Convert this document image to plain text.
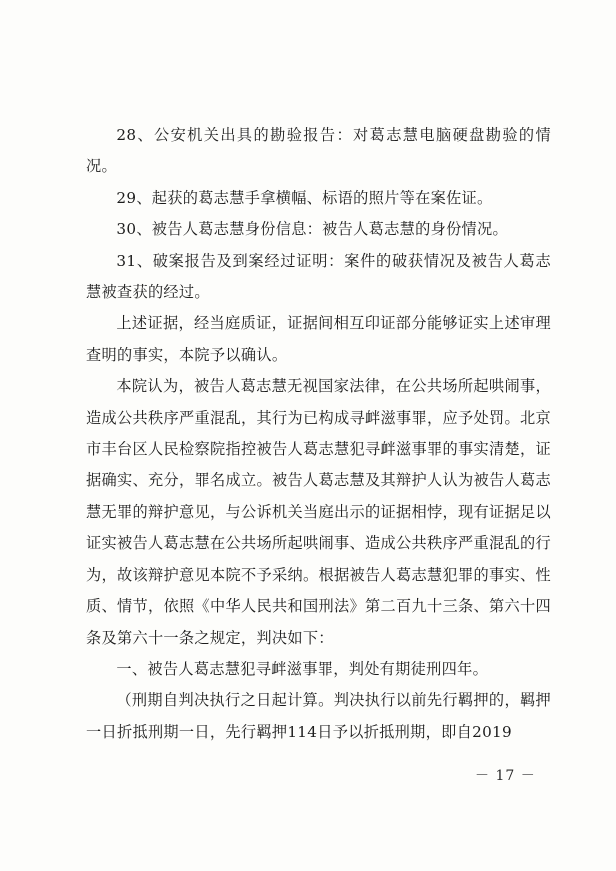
28、公安机关出具的勘验报告：对葛志慧电脑硬盘勘验的情况。

29、起获的葛志慧手拿横幅、标语的照片等在案佐证。

30、被告人葛志慧身份信息：被告人葛志慧的身份情况。

31、破案报告及到案经过证明：案件的破获情况及被告人葛志慧被查获的经过。

上述证据，经当庭质证，证据间相互印证部分能够证实上述审理查明的事实，本院予以确认。

本院认为，被告人葛志慧无视国家法律，在公共场所起哄闹事，造成公共秩序严重混乱，其行为已构成寻衅滋事罪，应予处罚。北京市丰台区人民检察院指控被告人葛志慧犯寻衅滋事罪的事实清楚，证据确实、充分，罪名成立。被告人葛志慧及其辩护人认为被告人葛志慧无罪的辩护意见，与公诉机关当庭出示的证据相悖，现有证据足以证实被告人葛志慧在公共场所起哄闹事、造成公共秩序严重混乱的行为，故该辩护意见本院不予采纳。根据被告人葛志慧犯罪的事实、性质、情节，依照《中华人民共和国刑法》第二百九十三条、第六十四条及第六十一条之规定，判决如下：

一、被告人葛志慧犯寻衅滋事罪，判处有期徒刑四年。

（刑期自判决执行之日起计算。判决执行以前先行羁押的，羁押一日折抵刑期一日，先行羁押114日予以折抵刑期，即自2019

－ 17 －
